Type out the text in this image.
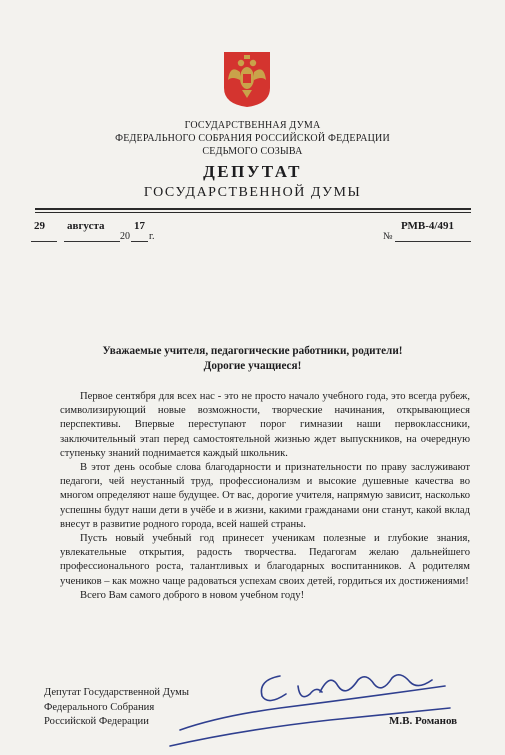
ГОСУДАРСТВЕННАЯ ДУМА
ФЕДЕРАЛЬНОГО СОБРАНИЯ РОССИЙСКОЙ ФЕДЕРАЦИИ
СЕДЬМОГО СОЗЫВА
ДЕПУТАТ
ГОСУДАРСТВЕННОЙ ДУМЫ
29 августа
20
17
г.	№
РМВ-4/491
Уважаемые учителя, педагогические работники, родители!
Дорогие учащиеся!

Первое сентября для всех нас - это не просто начало учебного года, это всегда рубеж, символизирующий новые возможности, творческие начинания, открывающиеся перспективы. Впервые переступают порог гимназии наши первоклассники, заключительный этап перед самостоятельной жизнью ждет выпускников, на очередную ступеньку знаний поднимается каждый школьник.

В этот день особые слова благодарности и признательности по праву заслуживают педагоги, чей неустанный труд, профессионализм и высокие душевные качества во многом определяют наше будущее. От вас, дорогие учителя, напрямую зависит, насколько успешны будут наши дети в учёбе и в жизни, какими гражданами они станут, какой вклад внесут в развитие родного города, всей нашей страны.

Пусть новый учебный год принесет ученикам полезные и глубокие знания, увлекательные открытия, радость творчества. Педагогам желаю дальнейшего профессионального роста, талантливых и благодарных воспитанников. А родителям учеников – как можно чаще радоваться успехам своих детей, гордиться их достижениями!

Всего Вам самого доброго в новом учебном году!

Депутат Государственной Думы
Федерального Собрания
Российской Федерации	М.В. Романов
